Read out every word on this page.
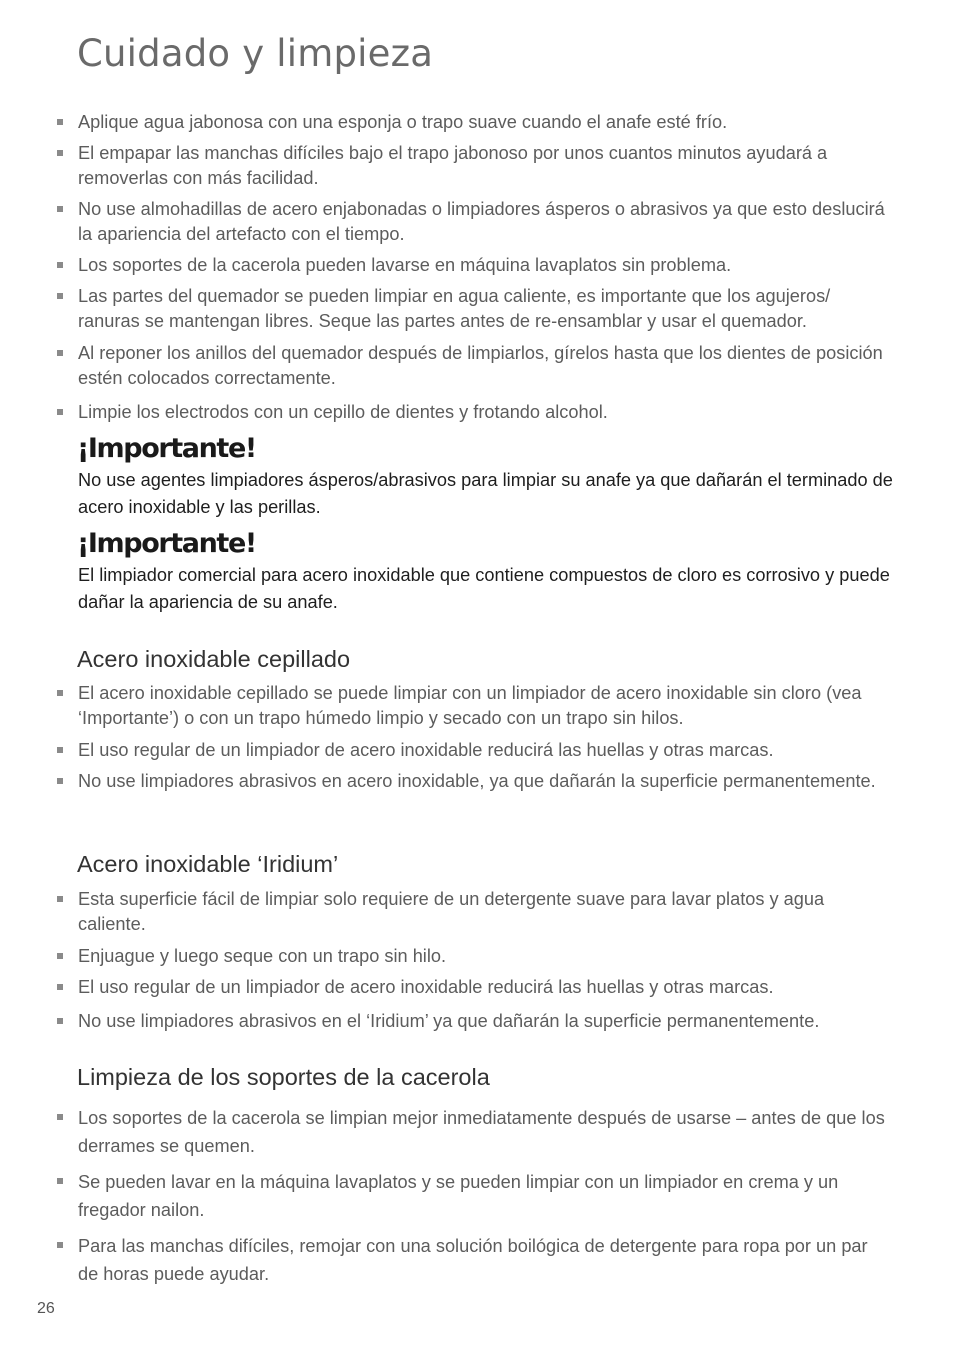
Cuidado y limpieza

Aplique agua jabonosa con una esponja o trapo suave cuando el anafe esté frío.

El empapar las manchas difíciles bajo el trapo jabonoso por unos cuantos minutos ayudará a removerlas con más facilidad.

No use almohadillas de acero enjabonadas o limpiadores ásperos o abrasivos ya que esto deslucirá la apariencia del artefacto con el tiempo.

Los soportes de la cacerola pueden lavarse en máquina lavaplatos sin problema.

Las partes del quemador se pueden limpiar en agua caliente, es importante que los agujeros/ ranuras se mantengan libres. Seque las partes antes de re-ensamblar y usar el quemador.

Al reponer los anillos del quemador después de limpiarlos, gírelos hasta que los dientes de posición estén colocados correctamente.

Limpie los electrodos con un cepillo de dientes y frotando alcohol.

¡Importante!

No use agentes limpiadores ásperos/abrasivos para limpiar su anafe ya que dañarán el terminado de acero inoxidable y las perillas.

¡Importante!

El limpiador comercial para acero inoxidable que contiene compuestos de cloro es corrosivo y puede dañar la apariencia de su anafe.

Acero inoxidable cepillado

El acero inoxidable cepillado se puede limpiar con un limpiador de acero inoxidable sin cloro (vea ‘Importante’) o con un trapo húmedo limpio y secado con un trapo sin hilos.

El uso regular de un limpiador de acero inoxidable reducirá las huellas y otras marcas.

No use limpiadores abrasivos en acero inoxidable, ya que dañarán la superficie permanentemente.

Acero inoxidable ‘Iridium’

Esta superficie fácil de limpiar solo requiere de un detergente suave para lavar platos y agua caliente.

Enjuague y luego seque con un trapo sin hilo.

El uso regular de un limpiador de acero inoxidable reducirá las huellas y otras marcas.

No use limpiadores abrasivos en el ‘Iridium’ ya que dañarán la superficie permanentemente.

Limpieza de los soportes de la cacerola

Los soportes de la cacerola se limpian mejor inmediatamente después de usarse – antes de que los derrames se quemen.

Se pueden lavar en la máquina lavaplatos y se pueden limpiar con un limpiador en crema y un fregador nailon.

Para las manchas difíciles, remojar con una solución boilógica de detergente para ropa por un par de horas puede ayudar.

26
